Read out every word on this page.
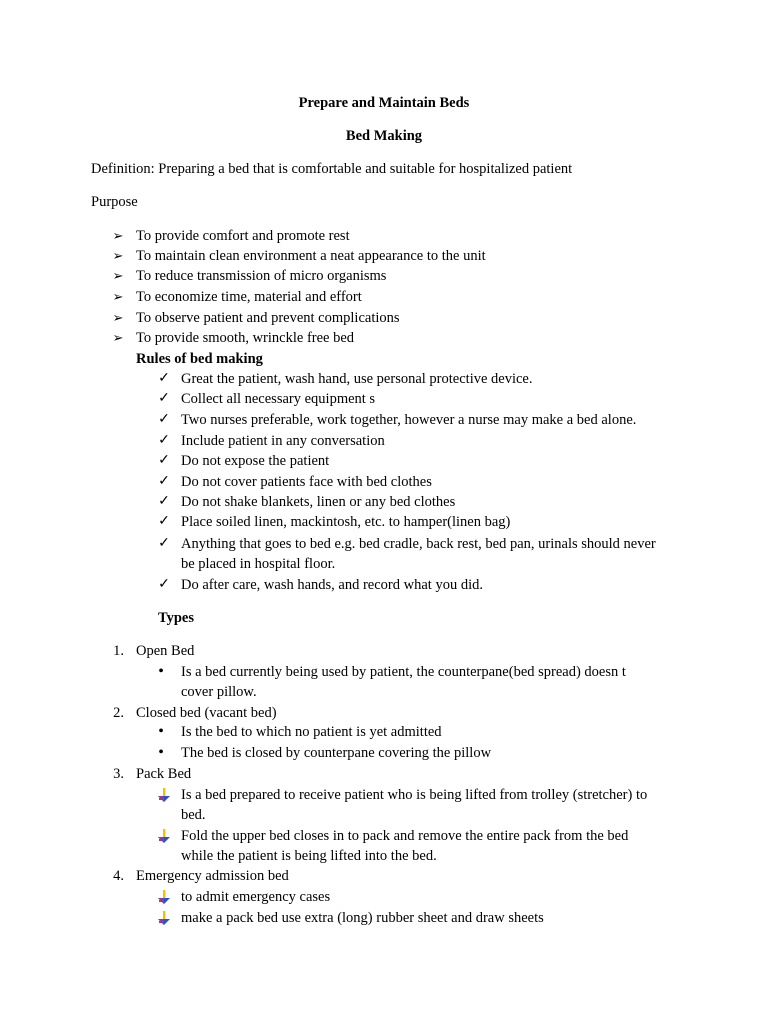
Prepare and Maintain Beds
Bed Making
Definition: Preparing a bed that is comfortable and suitable for hospitalized patient
Purpose
➢ To provide comfort and promote rest
➢ To maintain clean environment a neat appearance to the unit
➢ To reduce transmission of micro organisms
➢ To economize time, material and effort
➢ To observe patient and prevent complications
➢ To provide smooth, wrinckle free bed
Rules of bed making
✓ Great the patient, wash hand, use personal protective device.
✓ Collect all necessary equipment s
✓ Two nurses preferable, work together, however a nurse may make a bed alone.
✓ Include patient in any conversation
✓ Do not expose the patient
✓ Do not cover patients face with bed clothes
✓ Do not shake blankets, linen or any bed clothes
✓ Place soiled linen, mackintosh, etc. to hamper(linen bag)
✓ Anything that goes to bed e.g. bed cradle, back rest, bed pan, urinals should never
be placed in hospital floor.
✓ Do after care, wash hands, and record what you did.
Types
1. Open Bed
•	Is a bed currently being used by patient, the counterpane(bed spread) doesn t
cover pillow.
2. Closed bed (vacant bed)
•	Is the bed to which no patient is yet admitted
•	The bed is closed by counterpane covering the pillow
3. Pack Bed
Is a bed prepared to receive patient who is being lifted from trolley (stretcher) to
bed.
Fold the upper bed closes in to pack and remove the entire pack from the bed
while the patient is being lifted into the bed.
4. Emergency admission bed
to admit emergency cases
make a pack bed use extra (long) rubber sheet and draw sheets
